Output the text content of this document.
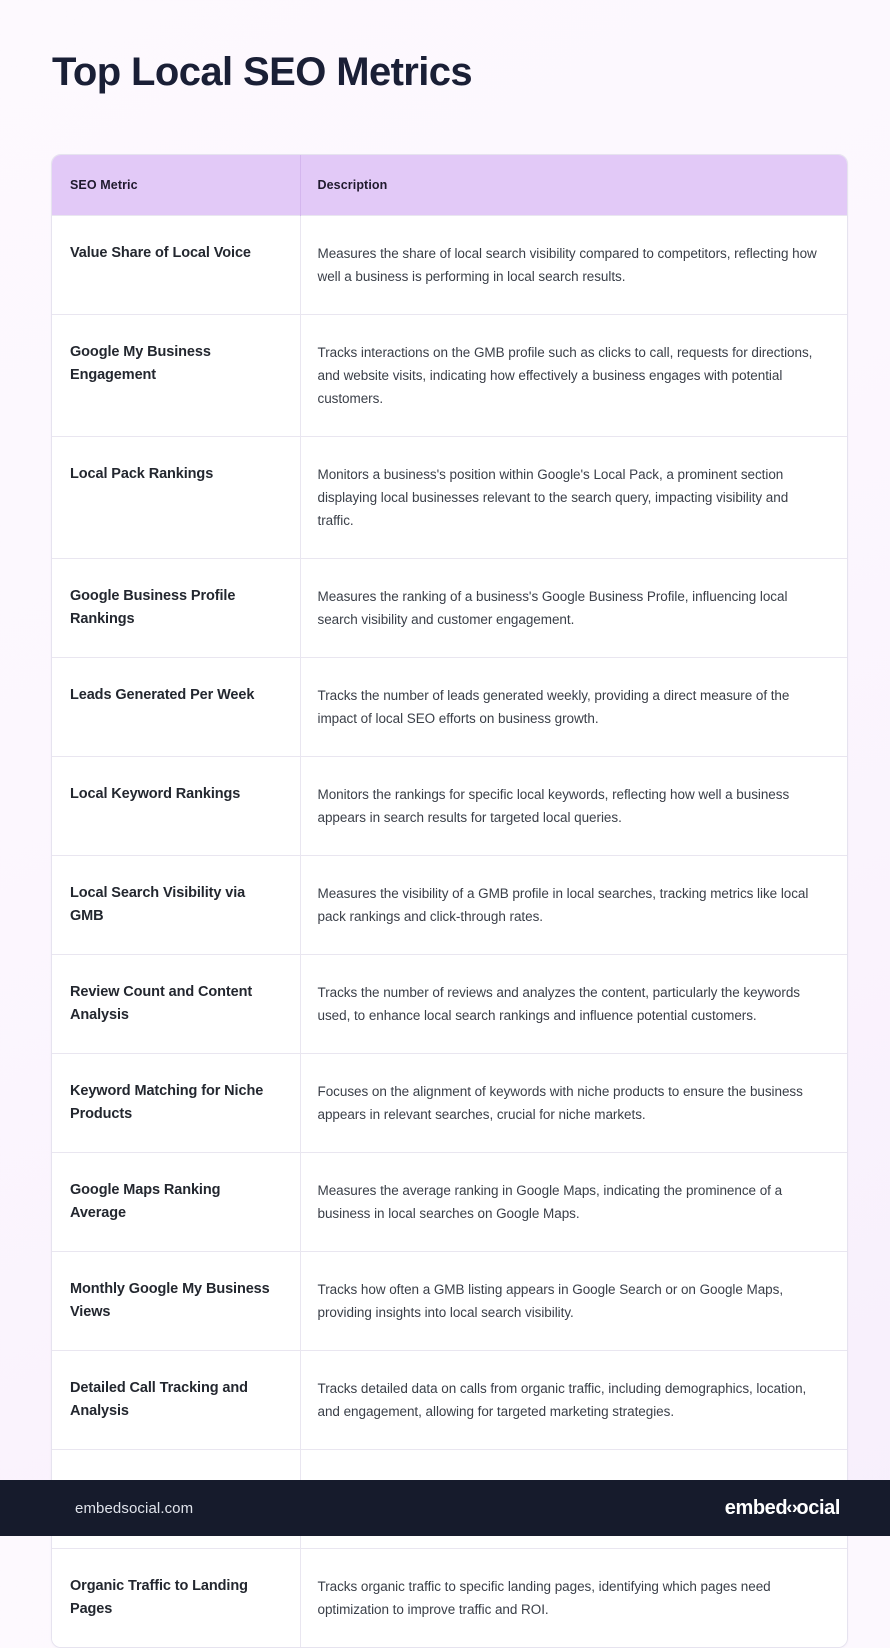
Top Local SEO Metrics
SEO Metric	Description
Value Share of Local Voice	Measures the share of local search visibility compared to competitors, reflecting how well a business is performing in local search results.
Google My Business Engagement	Tracks interactions on the GMB profile such as clicks to call, requests for directions, and website visits, indicating how effectively a business engages with potential customers.
Local Pack Rankings	Monitors a business's position within Google's Local Pack, a prominent section displaying local businesses relevant to the search query, impacting visibility and traffic.
Google Business Profile Rankings	Measures the ranking of a business's Google Business Profile, influencing local search visibility and customer engagement.
Leads Generated Per Week	Tracks the number of leads generated weekly, providing a direct measure of the impact of local SEO efforts on business growth.
Local Keyword Rankings	Monitors the rankings for specific local keywords, reflecting how well a business appears in search results for targeted local queries.
Local Search Visibility via GMB	Measures the visibility of a GMB profile in local searches, tracking metrics like local pack rankings and click-through rates.
Review Count and Content Analysis	Tracks the number of reviews and analyzes the content, particularly the keywords used, to enhance local search rankings and influence potential customers.
Keyword Matching for Niche Products	Focuses on the alignment of keywords with niche products to ensure the business appears in relevant searches, crucial for niche markets.
Google Maps Ranking Average	Measures the average ranking in Google Maps, indicating the prominence of a business in local searches on Google Maps.
Monthly Google My Business Views	Tracks how often a GMB listing appears in Google Search or on Google Maps, providing insights into local search visibility.
Detailed Call Tracking and Analysis	Tracks detailed data on calls from organic traffic, including demographics, location, and engagement, allowing for targeted marketing strategies.

Organic Traffic to Landing Pages	Tracks organic traffic to specific landing pages, identifying which pages need optimization to improve traffic and ROI.
embedsocial.com	embed ‹› ocial
